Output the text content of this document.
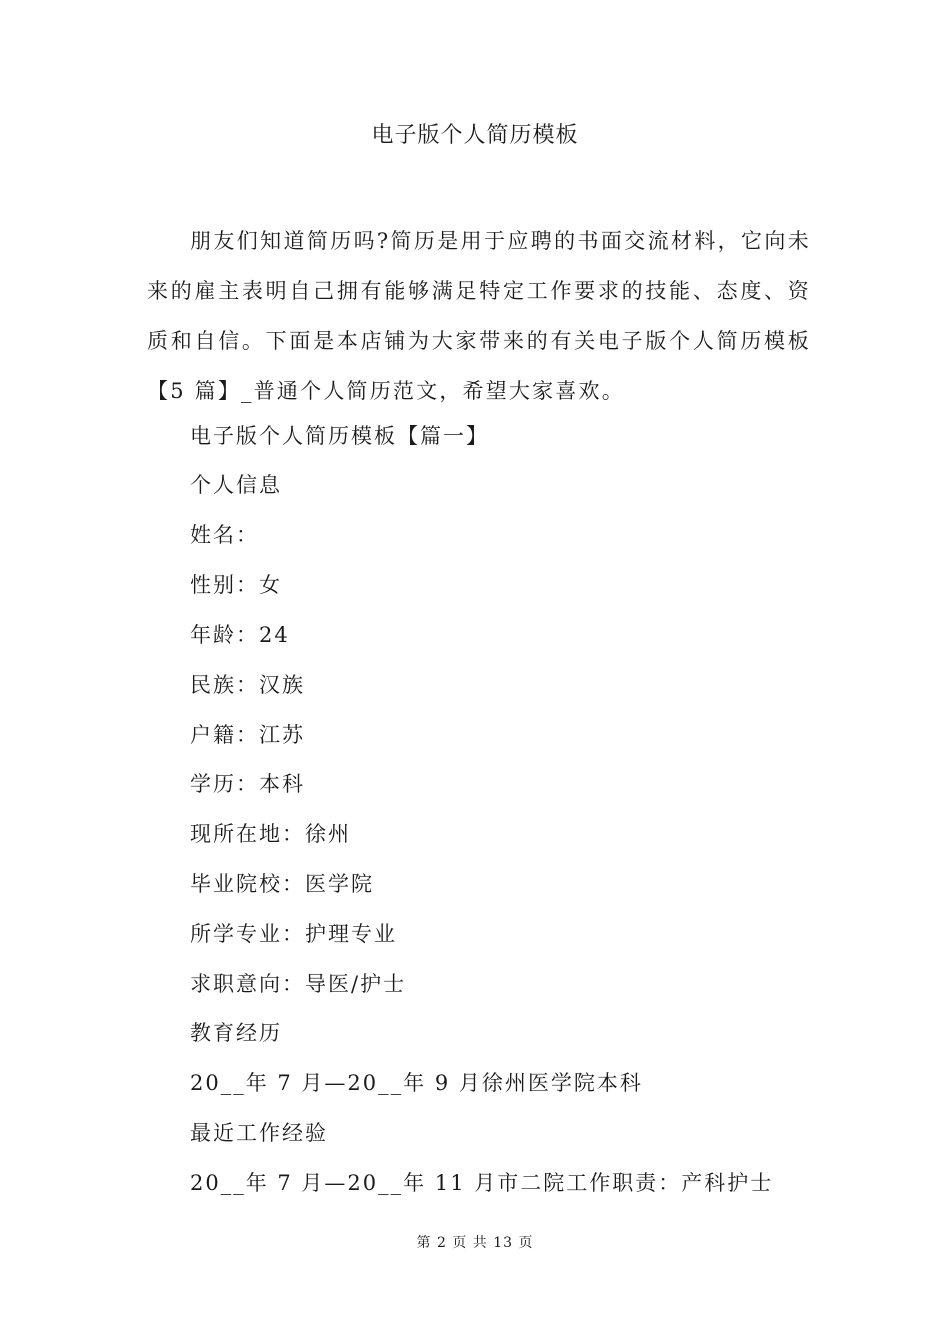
电子版个人简历模板

朋友们知道简历吗?简历是用于应聘的书面交流材料，它向未来的雇主表明自己拥有能够满足特定工作要求的技能、态度、资质和自信。下面是本店铺为大家带来的有关电子版个人简历模板【5 篇】_普通个人简历范文，希望大家喜欢。

电子版个人简历模板【篇一】
个人信息
姓名：
性别：女
年龄：24
民族：汉族
户籍：江苏
学历：本科
现所在地：徐州
毕业院校：医学院
所学专业：护理专业
求职意向：导医/护士
教育经历
20__年 7 月—20__年 9 月徐州医学院本科
最近工作经验
20__年 7 月—20__年 11 月市二院工作职责：产科护士
第 2 页 共 13 页
